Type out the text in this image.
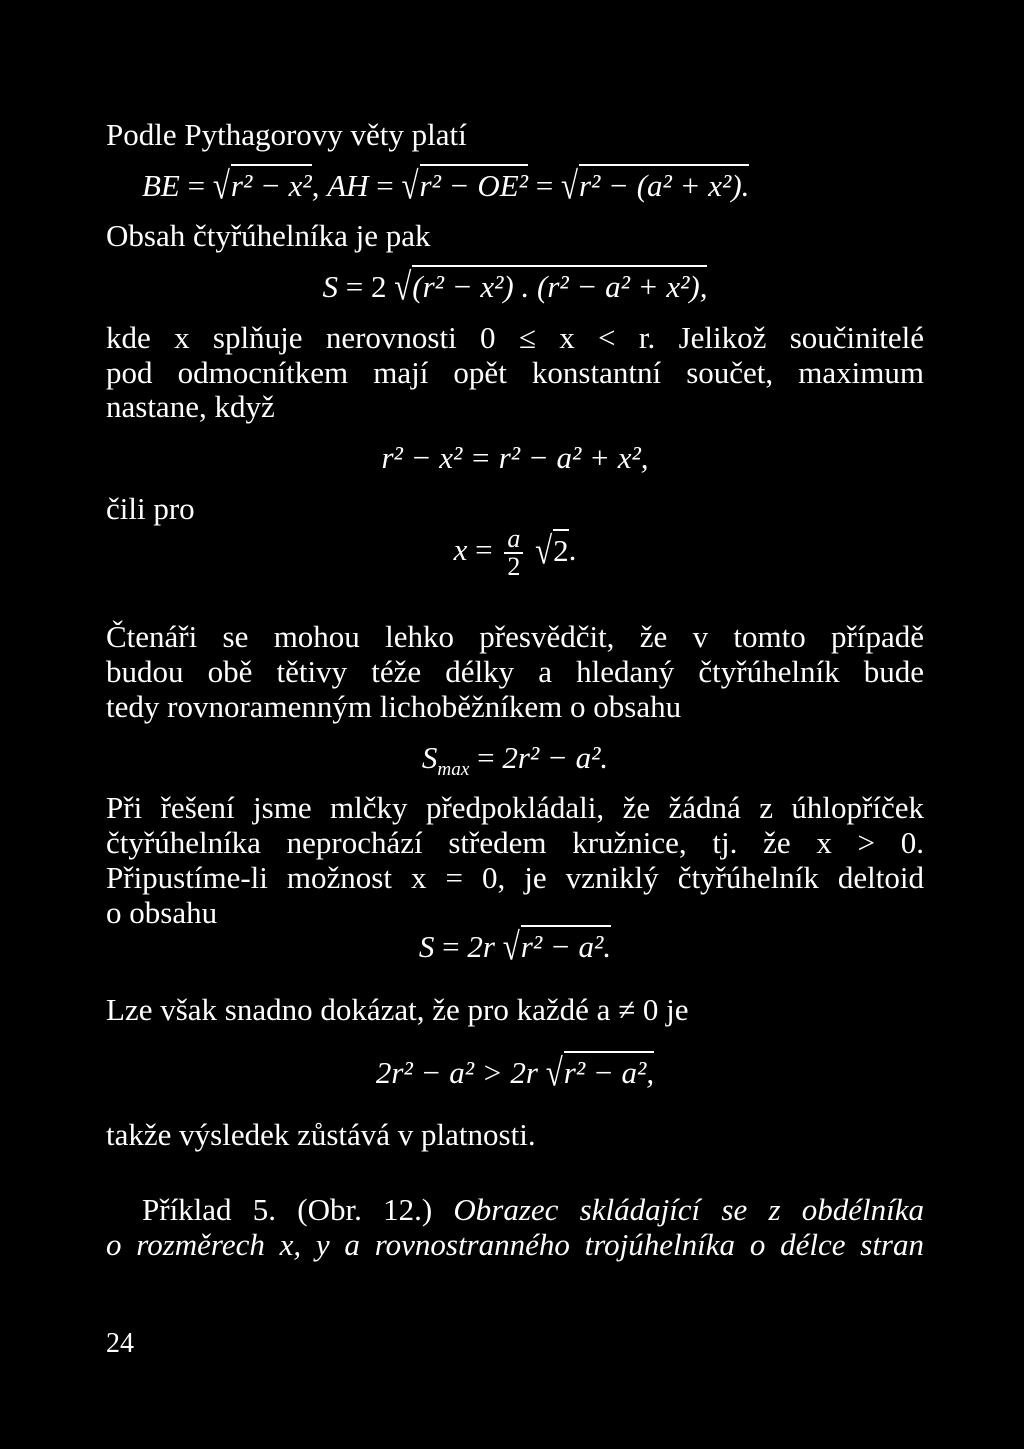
Podle Pythagorovy věty platí

BE = √r² − x², AH = √r² − OE² = √r² − (a² + x²).

Obsah čtyřúhelníka je pak

S = 2 √(r² − x²) . (r² − a² + x²),

kde x splňuje nerovnosti 0 ≤ x < r. Jelikož součinitelé
pod odmocnítkem mají opět konstantní součet, maximum
nastane, když

r² − x² = r² − a² + x²,
čili pro
$x = \frac{a}{2} √2$.

Čtenáři se mohou lehko přesvědčit, že v tomto případě
budou obě tětivy téže délky a hledaný čtyřúhelník bude
tedy rovnoramenným lichoběžníkem o obsahu

$S_{max} = 2r^2 - a^2$.

Při řešení jsme mlčky předpokládali, že žádná z úhlopříček
čtyřúhelníka neprochází středem kružnice, tj. že x > 0.
Připustíme-li možnost x = 0, je vzniklý čtyřúhelník deltoid
o obsahu

S = 2r √r² − a².

Lze však snadno dokázat, že pro každé a ≠ 0 je

2r² − a² > 2r √r² − a²,

takže výsledek zůstává v platnosti.

Příklad 5. (Obr. 12.) Obrazec skládající se z obdélníka
o rozměrech x, y a rovnostranného trojúhelníka o délce stran

24
